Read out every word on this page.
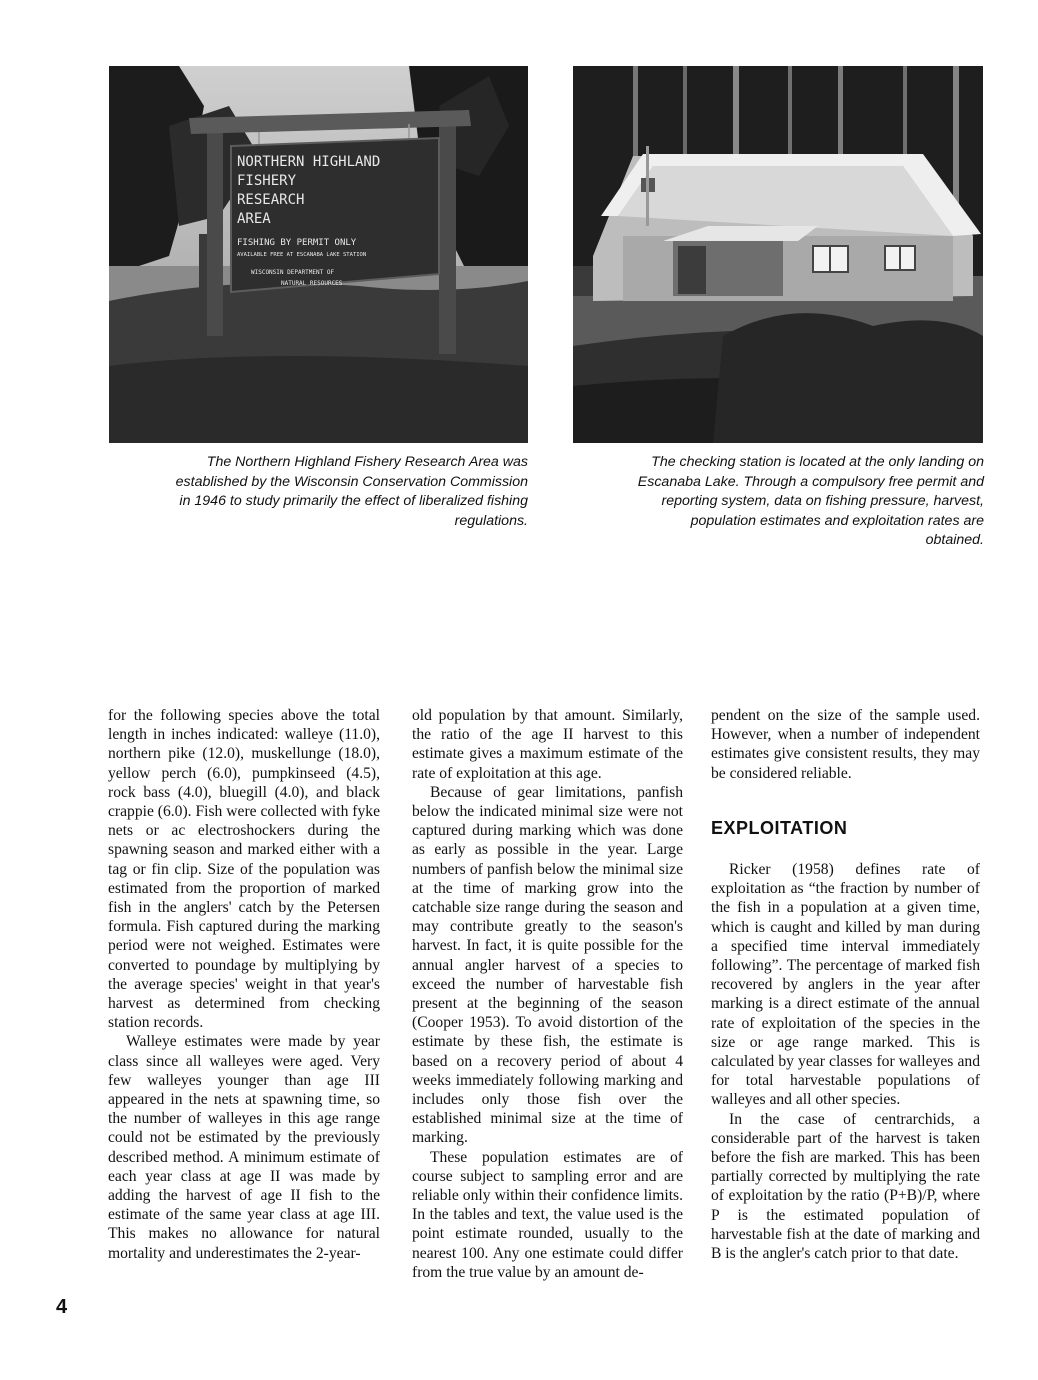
NORTHERN HIGHLAND
FISHERY
RESEARCH
AREA
FISHING BY PERMIT ONLY
AVAILABLE FREE AT ESCANABA LAKE STATION
WISCONSIN DEPARTMENT OF
NATURAL RESOURCES
The Northern Highland Fishery Research Area was established by the Wisconsin Conservation Commission in 1946 to study primarily the effect of liberalized fishing regulations.
The checking station is located at the only landing on Escanaba Lake. Through a compulsory free permit and reporting system, data on fishing pressure, harvest, population estimates and exploitation rates are obtained.
4

for the following species above the total length in inches indicated: walleye (11.0), northern pike (12.0), muskellunge (18.0), yellow perch (6.0), pumpkinseed (4.5), rock bass (4.0), bluegill (4.0), and black crappie (6.0). Fish were collected with fyke nets or ac electroshockers during the spawning season and marked either with a tag or fin clip. Size of the population was estimated from the proportion of marked fish in the anglers' catch by the Petersen formula. Fish captured during the marking period were not weighed. Estimates were converted to poundage by multiplying by the average species' weight in that year's harvest as determined from checking station records.

Walleye estimates were made by year class since all walleyes were aged. Very few walleyes younger than age III appeared in the nets at spawning time, so the number of walleyes in this age range could not be estimated by the previously described method. A minimum estimate of each year class at age II was made by adding the harvest of age II fish to the estimate of the same year class at age III. This makes no allowance for natural mortality and underestimates the 2-year-

old population by that amount. Similarly, the ratio of the age II harvest to this estimate gives a maximum estimate of the rate of exploitation at this age.

Because of gear limitations, panfish below the indicated minimal size were not captured during marking which was done as early as possible in the year. Large numbers of panfish below the minimal size at the time of marking grow into the catchable size range during the season and may contribute greatly to the season's harvest. In fact, it is quite possible for the annual angler harvest of a species to exceed the number of harvestable fish present at the beginning of the season (Cooper 1953). To avoid distortion of the estimate by these fish, the estimate is based on a recovery period of about 4 weeks immediately following marking and includes only those fish over the established minimal size at the time of marking.

These population estimates are of course subject to sampling error and are reliable only within their confidence limits. In the tables and text, the value used is the point estimate rounded, usually to the nearest 100. Any one estimate could differ from the true value by an amount de-

pendent on the size of the sample used. However, when a number of independent estimates give consistent results, they may be considered reliable.

EXPLOITATION

Ricker (1958) defines rate of exploitation as “the fraction by number of the fish in a population at a given time, which is caught and killed by man during a specified time interval immediately following”. The percentage of marked fish recovered by anglers in the year after marking is a direct estimate of the annual rate of exploitation of the species in the size or age range marked. This is calculated by year classes for walleyes and for total harvestable populations of walleyes and all other species.

In the case of centrarchids, a considerable part of the harvest is taken before the fish are marked. This has been partially corrected by multiplying the rate of exploitation by the ratio (P+B)/P, where P is the estimated population of harvestable fish at the date of marking and B is the angler's catch prior to that date.
